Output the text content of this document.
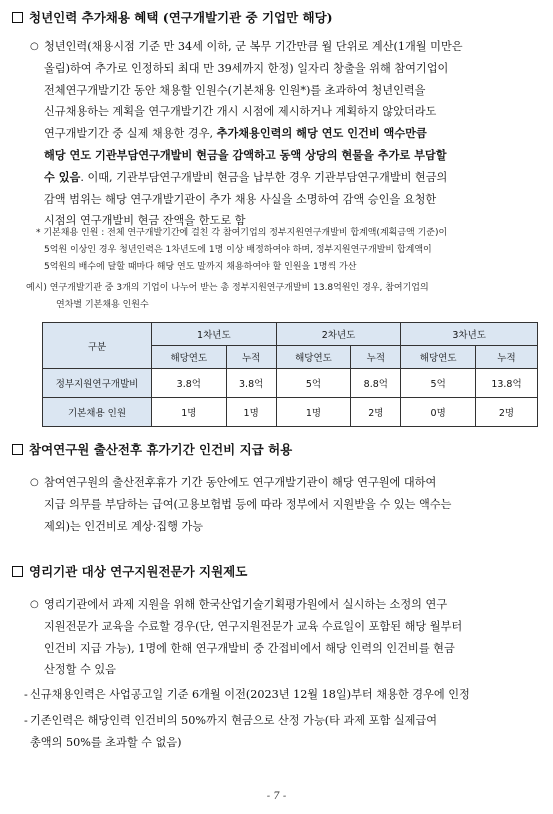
청년인력 추가채용 혜택 (연구개발기관 중 기업만 해당)
○ 청년인력(채용시점 기준 만 34세 이하, 군 복무 기간만큼 월 단위로 계산(1개월 미만은
올림)하여 추가로 인정하되 최대 만 39세까지 한정) 일자리 창출을 위해 참여기업이
전체연구개발기간 동안 채용할 인원수(기본채용 인원*)를 초과하여 청년인력을
신규채용하는 계획을 연구개발기간 개시 시점에 제시하거나 계획하지 않았더라도
연구개발기간 중 실제 채용한 경우, 추가채용인력의 해당 연도 인건비 액수만큼
해당 연도 기관부담연구개발비 현금을 감액하고 동액 상당의 현물을 추가로 부담할
수 있음. 이때, 기관부담연구개발비 현금을 납부한 경우 기관부담연구개발비 현금의
감액 범위는 해당 연구개발기관이 추가 채용 사실을 소명하여 감액 승인을 요청한
시점의 연구개발비 현금 잔액을 한도로 함
* 기본채용 인원 : 전체 연구개발기간에 걸친 각 참여기업의 정부지원연구개발비 합계액(계획금액 기준)이
5억원 이상인 경우 청년인력은 1차년도에 1명 이상 배정하여야 하며, 정부지원연구개발비 합계액이
5억원의 배수에 달할 때마다 해당 연도 말까지 채용하여야 할 인원을 1명씩 가산
예시) 연구개발기관 중 3개의 기업이 나누어 받는 총 정부지원연구개발비 13.8억원인 경우, 참여기업의
연차별 기본채용 인원수
구분	1차년도		2차년도		3차년도	
	해당연도	누적	해당연도	누적	해당연도	누적
정부지원연구개발비	3.8억	3.8억	5억	8.8억	5억	13.8억
기본채용 인원	1명	1명	1명	2명	0명	2명
참여연구원 출산전후 휴가기간 인건비 지급 허용
○ 참여연구원의 출산전후휴가 기간 동안에도 연구개발기관이 해당 연구원에 대하여
지급 의무를 부담하는 급여(고용보험법 등에 따라 정부에서 지원받을 수 있는 액수는
제외)는 인건비로 계상·집행 가능
영리기관 대상 연구지원전문가 지원제도
○ 영리기관에서 과제 지원을 위해 한국산업기술기획평가원에서 실시하는 소정의 연구
지원전문가 교육을 수료할 경우(단, 연구지원전문가 교육 수료일이 포함된 해당 월부터
인건비 지급 가능), 1명에 한해 연구개발비 중 간접비에서 해당 인력의 인건비를 현금
산정할 수 있음
- 신규채용인력은 사업공고일 기준 6개월 이전(2023년 12월 18일)부터 채용한 경우에 인정
- 기존인력은 해당인력 인건비의 50%까지 현금으로 산정 가능(타 과제 포함 실제급여
총액의 50%를 초과할 수 없음)
- 7 -
